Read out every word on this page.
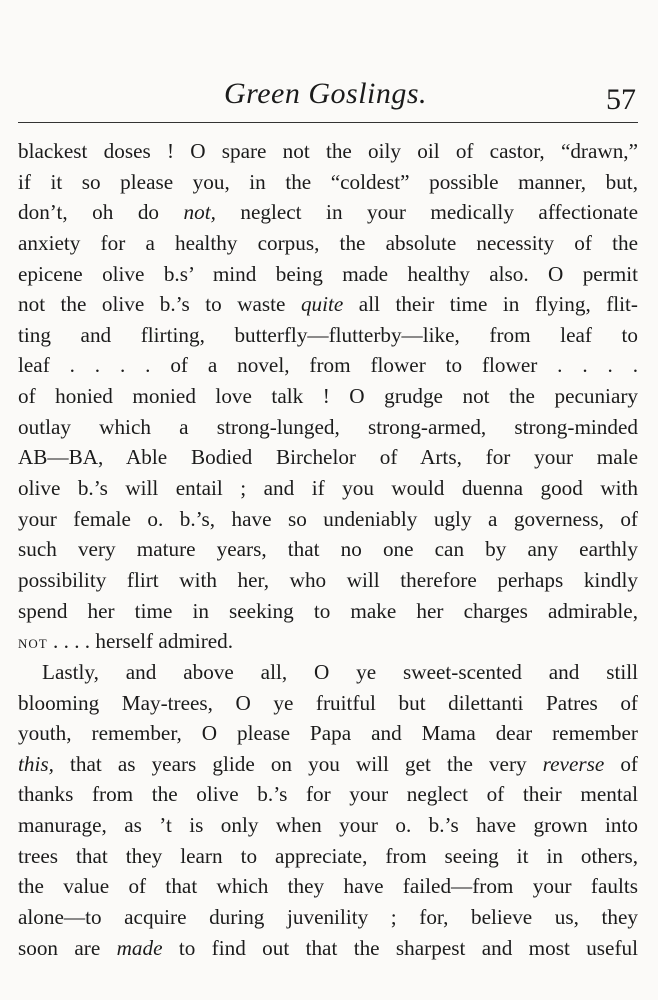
Green Goslings.	57
blackest doses ! O spare not the oily oil of castor, “drawn,”
if it so please you, in the “coldest” possible manner, but,
don’t, oh do not, neglect in your medically affectionate
anxiety for a healthy corpus, the absolute necessity of the
epicene olive b.s’ mind being made healthy also. O permit
not the olive b.’s to waste quite all their time in flying, flit-
ting and flirting, butterfly—flutterby—like, from leaf to
leaf . . . . of a novel, from flower to flower . . . .
of honied monied love talk ! O grudge not the pecuniary
outlay which a strong-lunged, strong-armed, strong-minded
AB—BA, Able Bodied Birchelor of Arts, for your male
olive b.’s will entail ; and if you would duenna good with
your female o. b.’s, have so undeniably ugly a governess, of
such very mature years, that no one can by any earthly
possibility flirt with her, who will therefore perhaps kindly
spend her time in seeking to make her charges admirable,
not . . . . herself admired.
Lastly, and above all, O ye sweet-scented and still
blooming May-trees, O ye fruitful but dilettanti Patres of
youth, remember, O please Papa and Mama dear remember
this, that as years glide on you will get the very reverse of
thanks from the olive b.’s for your neglect of their mental
manurage, as ’t is only when your o. b.’s have grown into
trees that they learn to appreciate, from seeing it in others,
the value of that which they have failed—from your faults
alone—to acquire during juvenility ; for, believe us, they
soon are made to find out that the sharpest and most useful
